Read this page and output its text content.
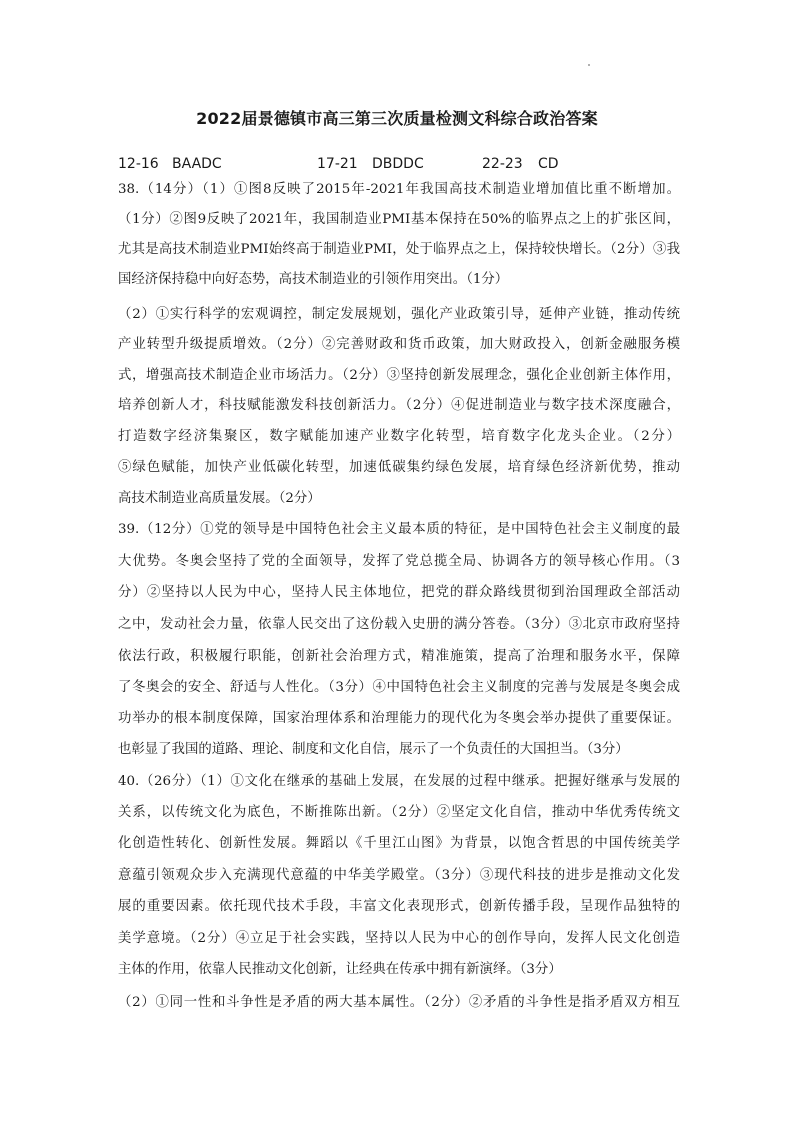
2022届景德镇市高三第三次质量检测文科综合政治答案
12-16 BAADC	17-21 DBDDC	22-23 CD
38.（14分）（1）①图8反映了2015年-2021年我国高技术制造业增加值比重不断增加。
（1分）②图9反映了2021年，我国制造业PMI基本保持在50%的临界点之上的扩张区间，
尤其是高技术制造业PMI始终高于制造业PMI，处于临界点之上，保持较快增长。（2分）③我
国经济保持稳中向好态势，高技术制造业的引领作用突出。（1分）
（2）①实行科学的宏观调控，制定发展规划，强化产业政策引导，延伸产业链，推动传统
产业转型升级提质增效。（2分）②完善财政和货币政策，加大财政投入，创新金融服务模
式，增强高技术制造企业市场活力。（2分）③坚持创新发展理念，强化企业创新主体作用，
培养创新人才，科技赋能激发科技创新活力。（2分）④促进制造业与数字技术深度融合，
打造数字经济集聚区，数字赋能加速产业数字化转型，培育数字化龙头企业。（2分）
⑤绿色赋能，加快产业低碳化转型，加速低碳集约绿色发展，培育绿色经济新优势，推动
高技术制造业高质量发展。（2分）
39.（12分）①党的领导是中国特色社会主义最本质的特征，是中国特色社会主义制度的最
大优势。冬奥会坚持了党的全面领导，发挥了党总揽全局、协调各方的领导核心作用。（3
分）②坚持以人民为中心，坚持人民主体地位，把党的群众路线贯彻到治国理政全部活动
之中，发动社会力量，依靠人民交出了这份载入史册的满分答卷。（3分）③北京市政府坚持
依法行政，积极履行职能，创新社会治理方式，精准施策，提高了治理和服务水平，保障
了冬奥会的安全、舒适与人性化。（3分）④中国特色社会主义制度的完善与发展是冬奥会成
功举办的根本制度保障，国家治理体系和治理能力的现代化为冬奥会举办提供了重要保证。
也彰显了我国的道路、理论、制度和文化自信，展示了一个负责任的大国担当。（3分）
40.（26分）（1）①文化在继承的基础上发展，在发展的过程中继承。把握好继承与发展的
关系，以传统文化为底色，不断推陈出新。（2分）②坚定文化自信，推动中华优秀传统文
化创造性转化、创新性发展。舞蹈以《千里江山图》为背景，以饱含哲思的中国传统美学
意蕴引领观众步入充满现代意蕴的中华美学殿堂。（3分）③现代科技的进步是推动文化发
展的重要因素。依托现代技术手段，丰富文化表现形式，创新传播手段，呈现作品独特的
美学意境。（2分）④立足于社会实践，坚持以人民为中心的创作导向，发挥人民文化创造
主体的作用，依靠人民推动文化创新，让经典在传承中拥有新演绎。（3分）
（2）①同一性和斗争性是矛盾的两大基本属性。（2分）②矛盾的斗争性是指矛盾双方相互
